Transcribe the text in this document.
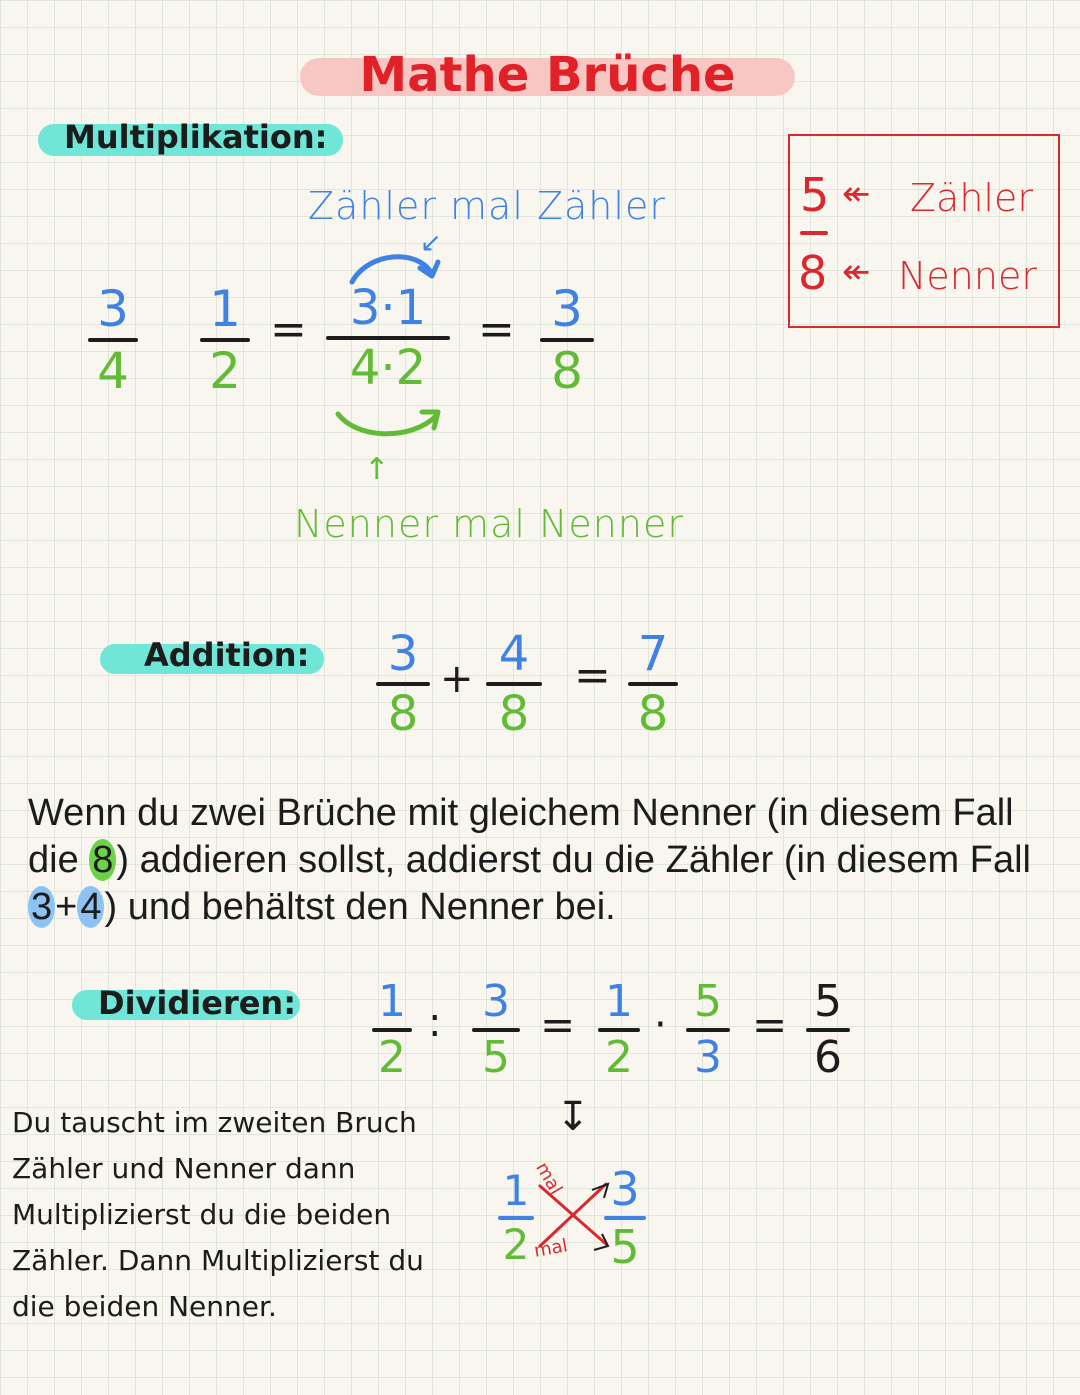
Mathe Brüche
Multiplikation:
5
8
↞ Zähler
↞ Nenner
Zähler mal Zähler
↙
3
4
1
2
= 3·1
4·2
= 3
8
↑
Nenner mal Nenner
Addition: 3
8
+ 4
8
= 7
8
Wenn du zwei Brüche mit gleichem Nenner (in diesem Fall die 8) addieren sollst, addierst du die Zähler (in diesem Fall 3+4) und behältst den Nenner bei.
Dividieren: 1
2
: 3
5
= 1
2
· 5
3
= 5
6
↧
1
2
3
5
mal
mal
Du tauscht im zweiten Bruch Zähler und Nenner dann Multiplizierst du die beiden Zähler. Dann Multiplizierst du die beiden Nenner.
